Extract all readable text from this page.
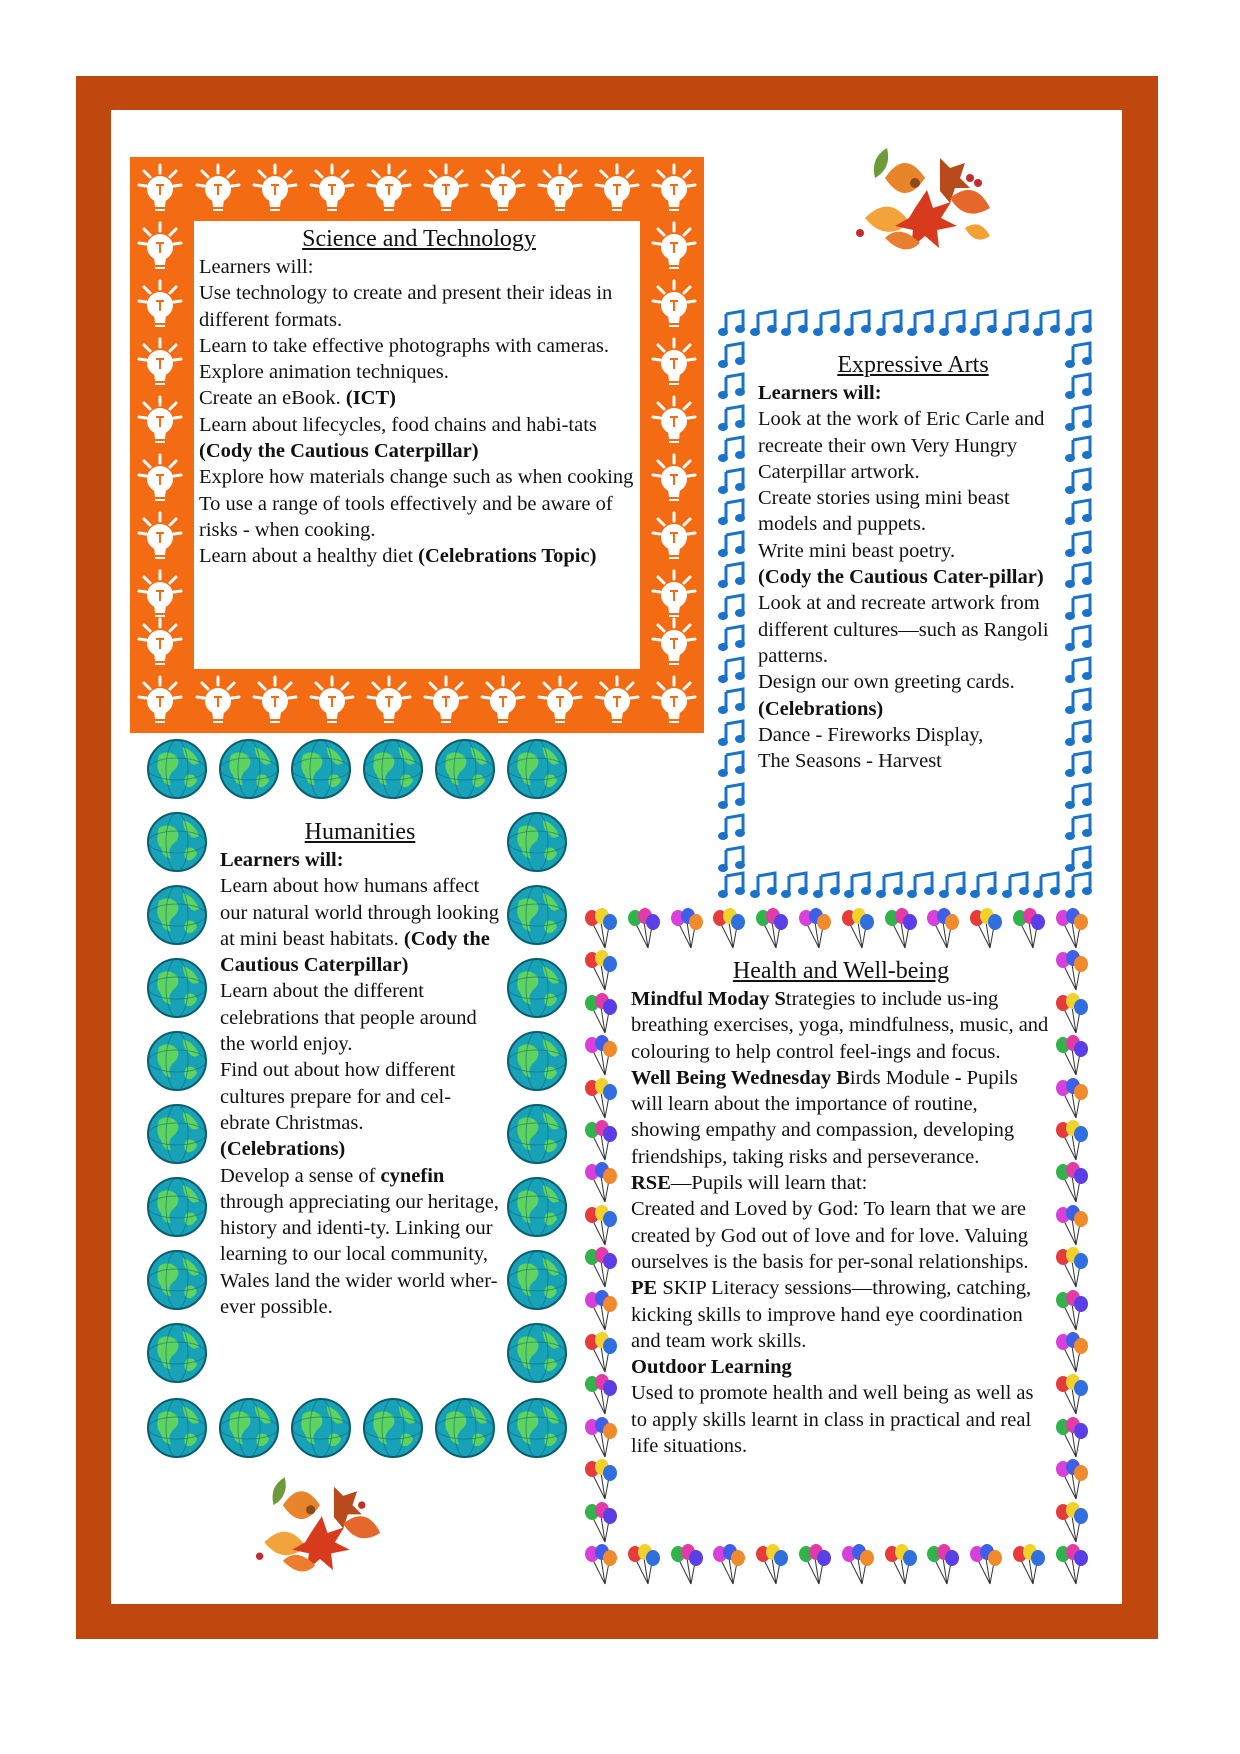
Science and Technology

Learners will:

Use technology to create and present their ideas in different formats.

Learn to take effective photographs with cameras.

Explore animation techniques.

Create an eBook. (ICT)

Learn about lifecycles, food chains and habi-tats (Cody the Cautious Caterpillar)

Explore how materials change such as when cooking

To use a range of tools effectively and be aware of risks - when cooking.

Learn about a healthy diet (Celebrations Topic)

Expressive Arts

Learners will:

Look at the work of Eric Carle and recreate their own Very Hungry Caterpillar artwork.

Create stories using mini beast models and puppets.

Write mini beast poetry.

(Cody the Cautious Cater-pillar)

Look at and recreate artwork from different cultures—such as Rangoli patterns.

Design our own greeting cards.

(Celebrations)

Dance - Fireworks Display,

The Seasons - Harvest

Humanities

Learners will:

Learn about how humans affect our natural world through looking at mini beast habitats. (Cody the Cautious Caterpillar)

Learn about the different celebrations that people around the world enjoy.

Find out about how different cultures prepare for and cel-ebrate Christmas.

(Celebrations)

Develop a sense of cynefin through appreciating our heritage, history and identi-ty. Linking our learning to our local community, Wales land the wider world wher-ever possible.

Health and Well-being

Mindful Moday Strategies to include us-ing breathing exercises, yoga, mindfulness, music, and colouring to help control feel-ings and focus.

Well Being Wednesday Birds Module - Pupils will learn about the importance of routine, showing empathy and compassion, developing friendships, taking risks and perseverance.

RSE—Pupils will learn that:

Created and Loved by God: To learn that we are created by God out of love and for love. Valuing ourselves is the basis for per-sonal relationships.

PE SKIP Literacy sessions—throwing, catching, kicking skills to improve hand eye coordination and team work skills.

Outdoor Learning

Used to promote health and well being as well as to apply skills learnt in class in practical and real life situations.
